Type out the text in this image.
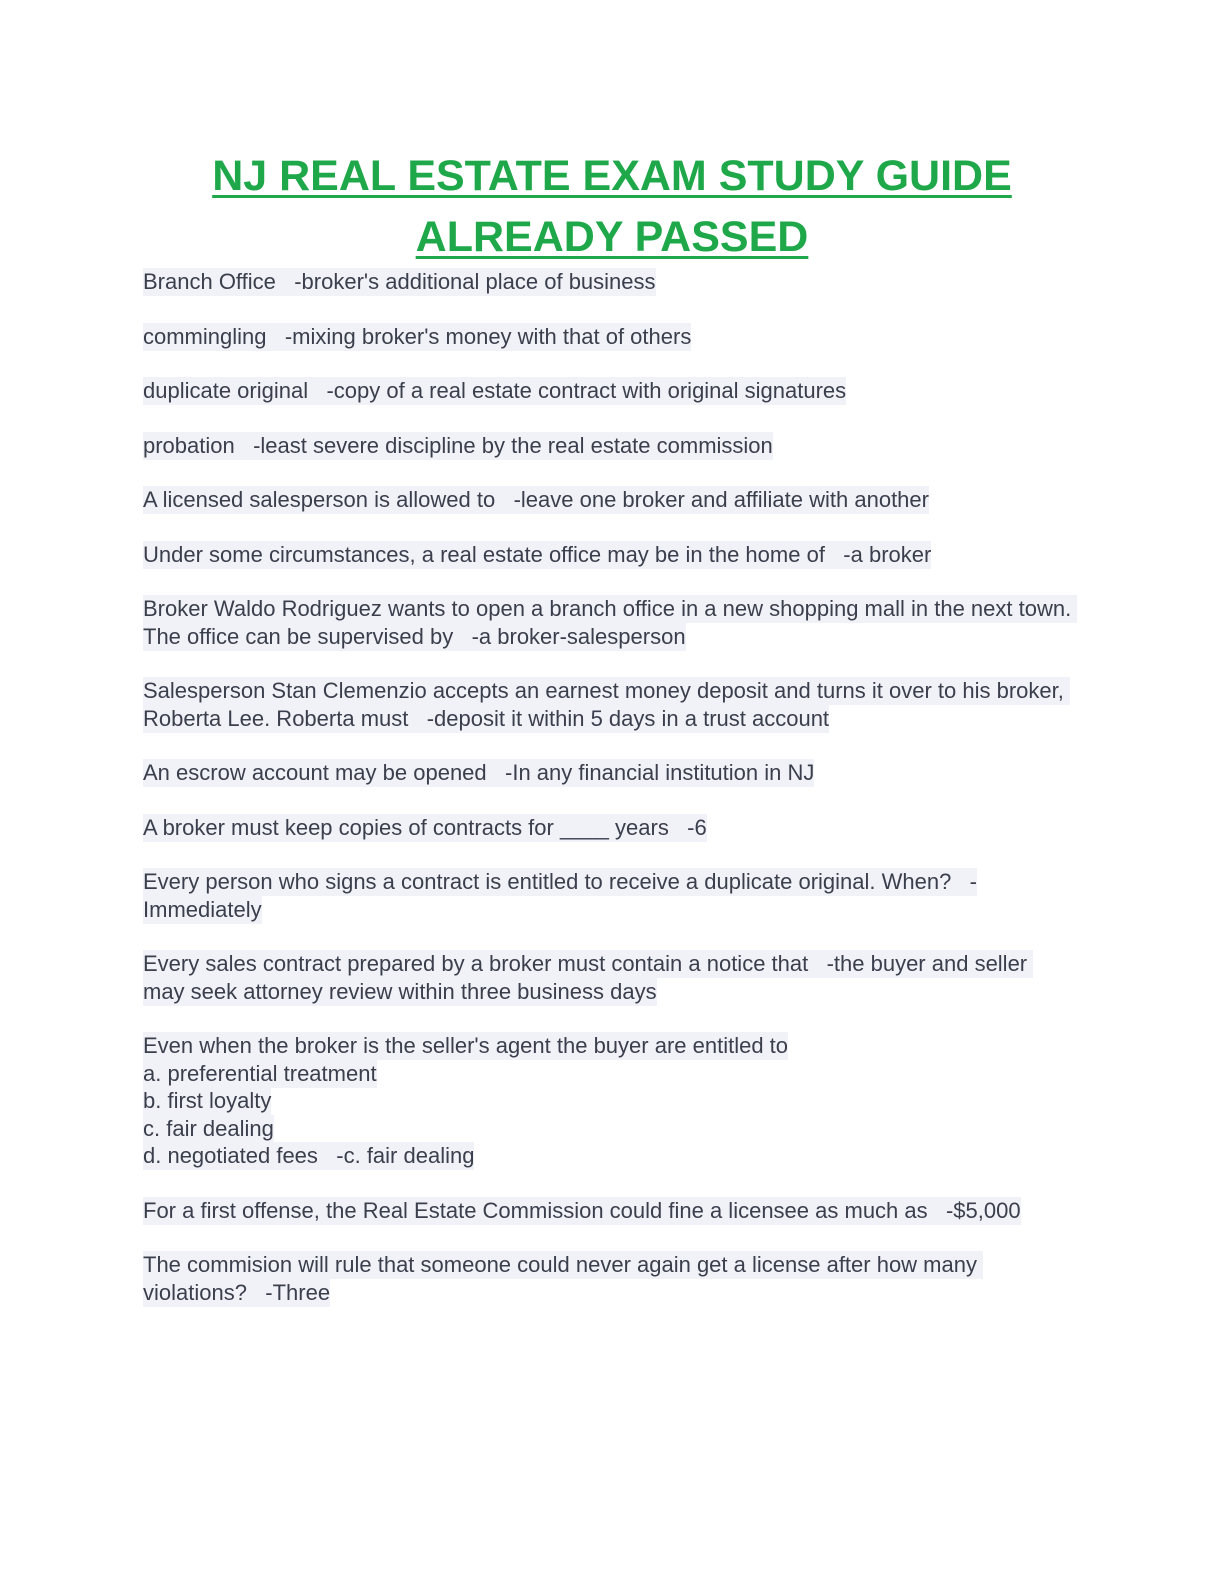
NJ REAL ESTATE EXAM STUDY GUIDE
ALREADY PASSED

Branch Office -broker's additional place of business

commingling -mixing broker's money with that of others

duplicate original -copy of a real estate contract with original signatures

probation -least severe discipline by the real estate commission

A licensed salesperson is allowed to -leave one broker and affiliate with another

Under some circumstances, a real estate office may be in the home of -a broker

Broker Waldo Rodriguez wants to open a branch office in a new shopping mall in the next town. The office can be supervised by -a broker-salesperson

Salesperson Stan Clemenzio accepts an earnest money deposit and turns it over to his broker, Roberta Lee. Roberta must -deposit it within 5 days in a trust account

An escrow account may be opened -In any financial institution in NJ

A broker must keep copies of contracts for ____ years -6

Every person who signs a contract is entitled to receive a duplicate original. When? -Immediately

Every sales contract prepared by a broker must contain a notice that -the buyer and seller may seek attorney review within three business days

Even when the broker is the seller's agent the buyer are entitled to
a. preferential treatment
b. first loyalty
c. fair dealing
d. negotiated fees -c. fair dealing

For a first offense, the Real Estate Commission could fine a licensee as much as -$5,000

The commision will rule that someone could never again get a license after how many violations? -Three
